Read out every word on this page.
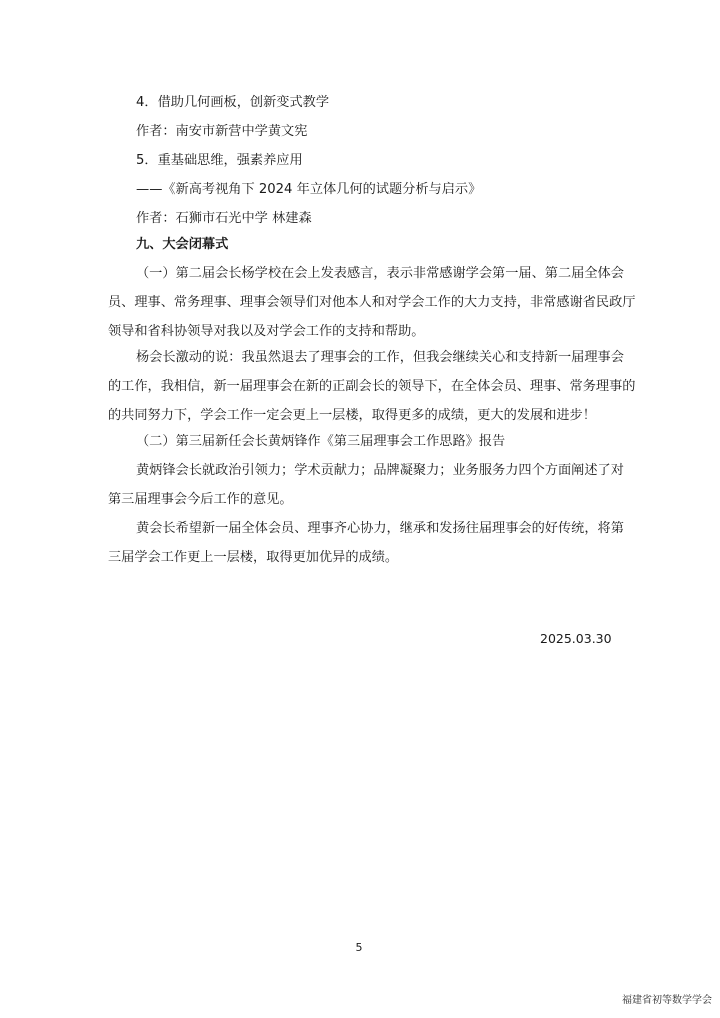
4．借助几何画板，创新变式教学
作者：南安市新营中学黄文宪
5．重基础思维，强素养应用
——《新高考视角下 2024 年立体几何的试题分析与启示》
作者：石狮市石光中学 林建森
九、大会闭幕式
（一）第二届会长杨学校在会上发表感言，表示非常感谢学会第一届、第二届全体会
员、理事、常务理事、理事会领导们对他本人和对学会工作的大力支持，非常感谢省民政厅
领导和省科协领导对我以及对学会工作的支持和帮助。
杨会长激动的说：我虽然退去了理事会的工作，但我会继续关心和支持新一届理事会
的工作，我相信，新一届理事会在新的正副会长的领导下，在全体会员、理事、常务理事的
的共同努力下，学会工作一定会更上一层楼，取得更多的成绩，更大的发展和进步！
（二）第三届新任会长黄炳锋作《第三届理事会工作思路》报告
黄炳锋会长就政治引领力；学术贡献力；品牌凝聚力；业务服务力四个方面阐述了对
第三届理事会今后工作的意见。
黄会长希望新一届全体会员、理事齐心协力，继承和发扬往届理事会的好传统，将第
三届学会工作更上一层楼，取得更加优异的成绩。
2025.03.30
5
福建省初等数学学会
